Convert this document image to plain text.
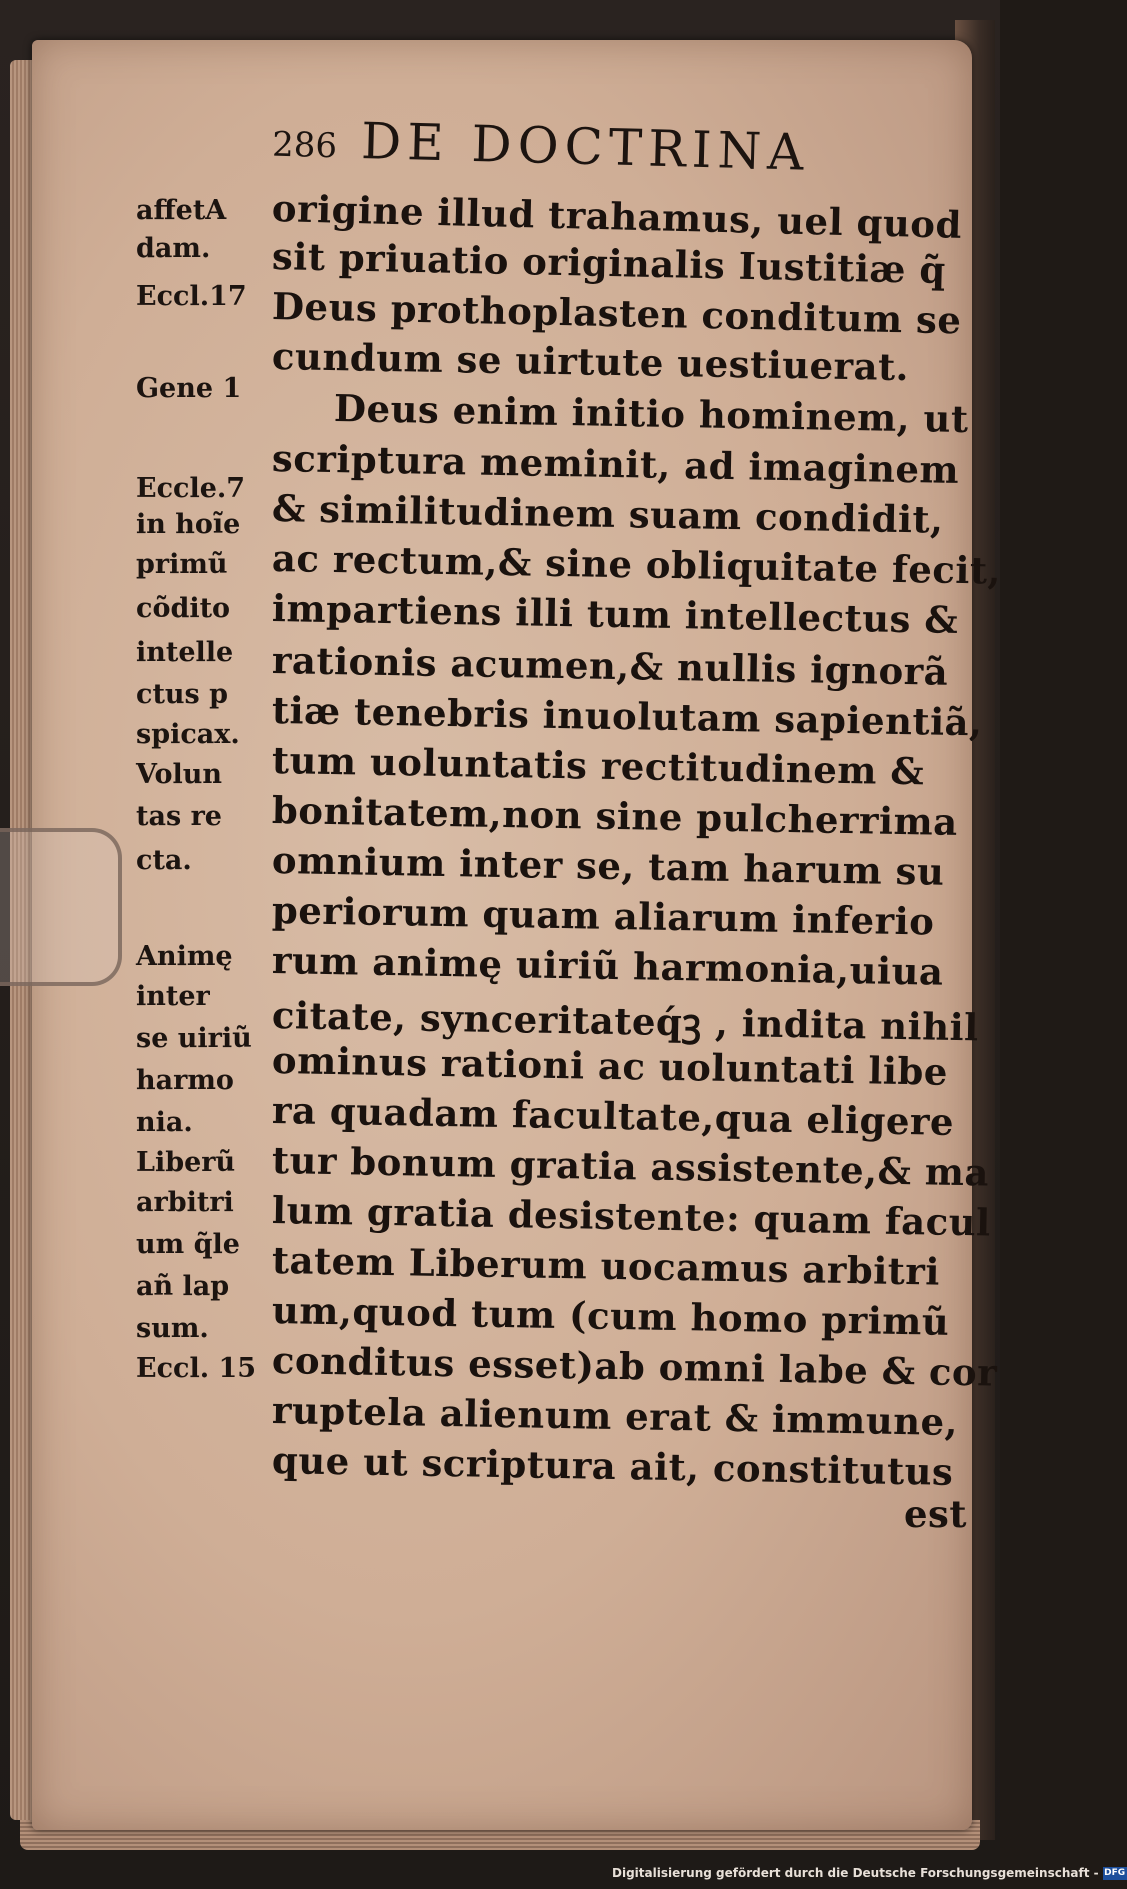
286 DE DOCTRINA
affetA
dam.
Eccl.17
Gene 1
Eccle.7
in hoĩe
primũ
cõdito
intelle
ctus p
spicax.
Volun
tas re
cta.
Animę
inter
se uiriũ
harmo
nia.
Liberũ
arbitri
um q̃le
añ lap
sum.
Eccl. 15
origine illud trahamus, uel quod
sit priuatio originalis Iustitiæ q̃
Deus prothoplasten conditum se
cundum se uirtute uestiuerat.
Deus enim initio hominem, ut
scriptura meminit, ad imaginem
& similitudinem suam condidit,
ac rectum,& sine obliquitate fecit,
impartiens illi tum intellectus &
rationis acumen,& nullis ignorã
tiæ tenebris inuolutam sapientiã,
tum uoluntatis rectitudinem &
bonitatem,non sine pulcherrima
omnium inter se, tam harum su
periorum quam aliarum inferio
rum animę uiriũ harmonia,uiua
citate, synceritateq́ꝫ , indita nihil
ominus rationi ac uoluntati libe
ra quadam facultate,qua eligere
tur bonum gratia assistente,& ma
lum gratia desistente: quam facul
tatem Liberum uocamus arbitri
um,quod tum (cum homo primũ
conditus esset)ab omni labe & cor
ruptela alienum erat & immune,
que ut scriptura ait, constitutus
est
Digitalisierung gefördert durch die Deutsche Forschungsgemeinschaft - DFG
